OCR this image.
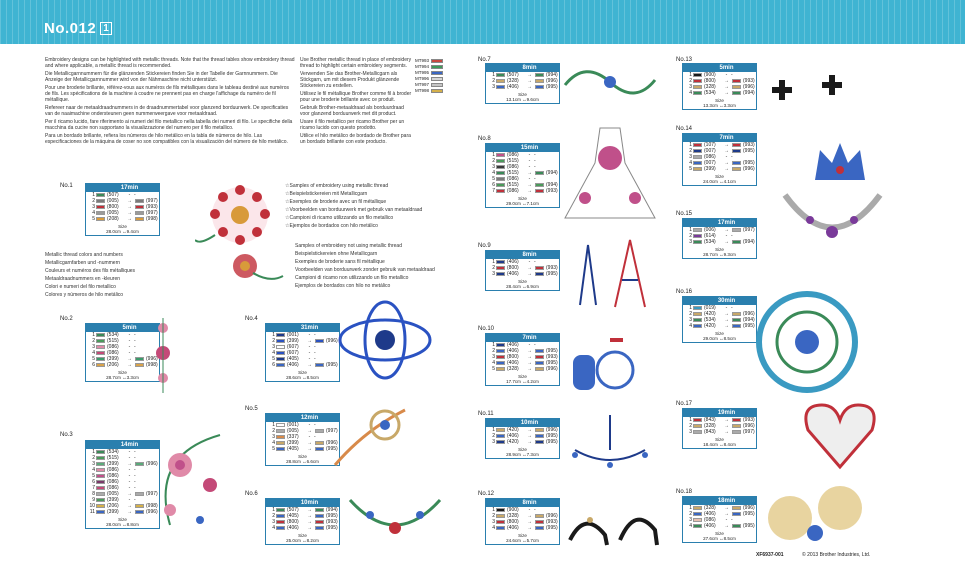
No.012 1

Embroidery designs can be highlighted with metallic threads. Note that the thread tables show embroidery thread and where applicable, a metallic thread is recommended.

Die Metallicgarnnummern für die glänzenden Stickereien finden Sie in der Tabelle der Garnnummern. Die Anzeige der Metallicgarnnummer wird von der Nähmaschine nicht unterstützt.

Pour une broderie brillante, référez-vous aux numéros de fils métalliques dans le tableau destiné aux numéros de fils. Les spécifications de la machine à coudre ne prennent pas en charge l'affichage du numéro de fil métallique.

Refereer naar de metaaldraadnummers in de draadnummertabel voor glanzend borduurwerk. De specificaties van de naaimachine ondersteunen geen nummerweergave voor metaaldraad.

Per il ricamo lucido, fare riferimento ai numeri del filo metallico nella tabella dei numeri di filo. Le specifiche della macchina da cucire non supportano la visualizzazione del numero per il filo metallico.

Para un bordado brillante, refiera los números de hilo metálico en la tabla de números de hilo. Las especificaciones de la máquina de coser no son compatibles con la visualización del número de hilo metálico.

Use Brother metallic thread in place of embroidery thread to highlight certain embroidery segments.

Verwenden Sie das Brother-Metallicgarn als Stickgarn, um mit diesem Produkt glänzende Stickereien zu erstellen.

Utilisez le fil métallique Brother comme fil à broder pour une broderie brillante avec ce produit.

Gebruik Brother-metaaldraad als borduurdraad voor glanzend borduurwerk met dit product.

Usare il filo metallico per ricamo Brother per un ricamo lucido con questo prodotto.

Utilice el hilo metálico de bordado de Brother para un bordado brillante con este producto.

MT993
MT994
MT995
MT996
MT997
MT998

Metallic thread colors and numbers

Metallicgarnfarben und -nummern

Couleurs et numéros des fils métalliques

Metaaldraadnummers en -kleuren

Colori e numeri del filo metallico

Colores y números de hilo metálico

☆Samples of embroidery using metallic thread

☆Beispielstickereien mit Metallicgarn

☆Exemples de broderie avec un fil métallique

☆Voorbeelden van borduurwerk met gebruik van metaaldraad

☆Campioni di ricamo utilizzando un filo metallico

☆Ejemplos de bordados con hilo metálico

Samples of embroidery not using metallic thread

Beispielstickereien ohne Metallicgarn

Exemples de broderie sans fil métallique

Voorbeelden van borduurwerk zonder gebruik van metaaldraad

Campioni di ricamo non utilizzando un filo metallico

Ejemplos de bordados con hilo no metálico

No.1	17min
1 (507)	- -
2 (005)	→	(997)
3 (800)	→	(993)
4 (005)	→	(997)
5 (208)	→	(998)
Size
28.0cm ↔9.4cm
No.2
5min
1 (534)	- -
2 (515)	- -
3 (086)	- -
4 (086)	- -
5 (399)	→	(996)
6 (206)	→	(998)
Size
28.7cm ↔3.3cm
No.3
14min
1 (534)	- -
2 (515)	- -
3 (399)	→	(996)
4 (086)	- -
5 (086)	- -
6 (086)	- -
7 (086)	- -
8 (005)	→	(997)
9 (399)	- -
10 (206)	→	(998)
11 (399)	→	(996)
Size
28.0cm ↔8.8cm
No.4
31min
1 (001)	- -
2 (399)	→	(996)
3 (607)	- -
4 (607)	- -
5 (405)	- -
6 (406)	→	(995)
Size
28.6cm ↔8.5cm
No.5
12min
1 (001)	- -
2 (005)	→	(997)
3 (337)	- -
4 (399)	→	(996)
5 (405)	→	(995)
Size
28.8cm ↔6.6cm
No.6
10min
1 (507)	→	(994)
2 (405)	→	(995)
3 (800)	→	(993)
4 (406)	→	(995)
Size
25.0cm ↔8.2cm
No.7
8min
1 (507)	→	(994)
2 (328)	→	(996)
3 (406)	→	(995)
Size
13.1cm ↔9.6cm
No.8
15min
1 (086)	- -
2 (515)	- -
3 (086)	- -
4 (515)	→	(994)
5 (086)	- -
6 (515)	→	(994)
7 (086)	→	(993)
Size
29.0cm ↔7.1cm
No.9
8min
1 (406)	- -
2 (800)	→	(993)
3 (406)	→	(995)
Size
28.4cm ↔6.9cm
No.10
7min
1 (406)	- -
2 (406)	→	(995)
3 (800)	→	(993)
4 (406)	→	(995)
5 (328)	→	(996)
Size
17.7cm ↔4.2cm
No.11
10min
1 (420)	→	(996)
2 (406)	→	(995)
3 (420)	→	(995)
Size
28.9cm ↔7.3cm
No.12
8min
1 (900)	- -
2 (328)	→	(996)
3 (800)	→	(993)
4 (406)	→	(995)
Size
24.6cm ↔5.7cm
No.13
5min
1 (900)	- -
2 (800)	→	(993)
3 (328)	→	(996)
4 (534)	→	(994)
Size
13.3cm ↔3.3cm
No.14
7min
1 (107)	→	(993)
2 (007)	→	(995)
3 (086)	- -
4 (007)	→	(995)
5 (399)	→	(996)
Size
24.0cm ↔4.1cm
No.15
17min
1 (006)	→	(997)
2 (614)	- -
3 (534)	→	(994)
Size
28.7cm ↔9.3cm
No.16
30min
1 (019)	- -
2 (420)	→	(996)
3 (534)	→	(994)
4 (420)	→	(995)
Size
29.0cm ↔8.5cm
No.17
19min
1 (843)	→	(993)
2 (328)	→	(996)
3 (843)	→	(997)
Size
18.4cm ↔8.4cm
No.18
18min
1 (328)	→	(996)
2 (406)	→	(995)
3 (086)	- -
4 (406)	→	(995)
Size
27.6cm ↔8.5cm
XF6937-001	© 2013 Brother Industries, Ltd.
